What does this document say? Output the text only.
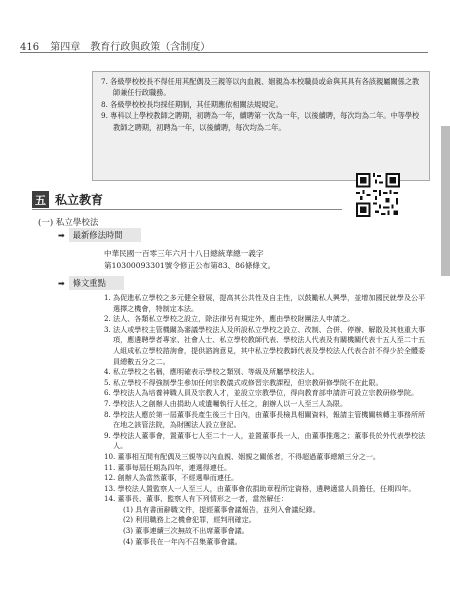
416 第四章　教育行政與政策（含制度）
7. 各級學校校長不得任用其配偶及三親等以內血親、姻親為本校職員或命與其具有各該親屬關係之教師兼任行政職務。
8. 各級學校校長均採任期制，其任期應依相關法規規定。
9. 專科以上學校教師之聘期，初聘為一年，續聘第一次為一年，以後續聘，每次均為二年。中等學校教師之聘期，初聘為一年，以後續聘，每次均為二年。
五 私立教育
(一) 私立學校法
➡ 最新修法時間
中華民國一百零三年六月十八日總統華總一義字
第10300093301號令修正公布第83、86條條文。
➡ 條文重點
1. 為促進私立學校之多元健全發展，提高其公共性及自主性，以鼓勵私人興學，並增加國民就學及公平選擇之機會，特制定本法。
2. 法人、各類私立學校之設立，除法律另有規定外，應由學校財團法人申請之。
3. 法人或學校主管機關為審議學校法人及所設私立學校之設立、改制、合併、停辦、解散及其他重大事項，應遴聘學者專家、社會人士、私立學校教師代表、學校法人代表及有關機關代表十五人至二十五人組成私立學校諮詢會，提供諮詢意見，其中私立學校教師代表及學校法人代表合計不得少於全體委員總數五分之二。
4. 私立學校之名稱，應明確表示學校之類別、等級及所屬學校法人。
5. 私立學校不得強制學生參加任何宗教儀式或修習宗教課程，但宗教研修學院不在此限。
6. 學校法人為培養神職人員及宗教人才，並設立宗教學位，得向教育部申請許可設立宗教研修學院。
7. 學校法人之創辦人由捐助人或遺囑執行人任之，創辦人以一人至三人為限。
8. 學校法人應於第一屆董事長產生後三十日內，由董事長檢具相關資料，報請主管機關核轉主事務所所在地之該管法院，為財團法人設立登記。
9. 學校法人董事會，置董事七人至二十一人，並置董事長一人，由董事推選之；董事長於外代表學校法人。
10. 董事相互間有配偶及三親等以內血親、姻親之關係者，不得超過董事總額三分之一。
11. 董事每屆任期為四年，連選得連任。
12. 創辦人為當然董事，不經選舉而連任。
13. 學校法人置監察人一人至三人，由董事會依捐助章程所定資格，遴聘適當人員擔任，任期四年。
14. 董事長、董事、監察人有下列情形之一者，當然解任：
(1) 具有書面辭職文件，提經董事會議報告，並列入會議紀錄。
(2) 利用職務上之機會犯罪，經判刑確定。
(3) 董事連續三次無故不出席董事會議。
(4) 董事長在一年內不召集董事會議。
